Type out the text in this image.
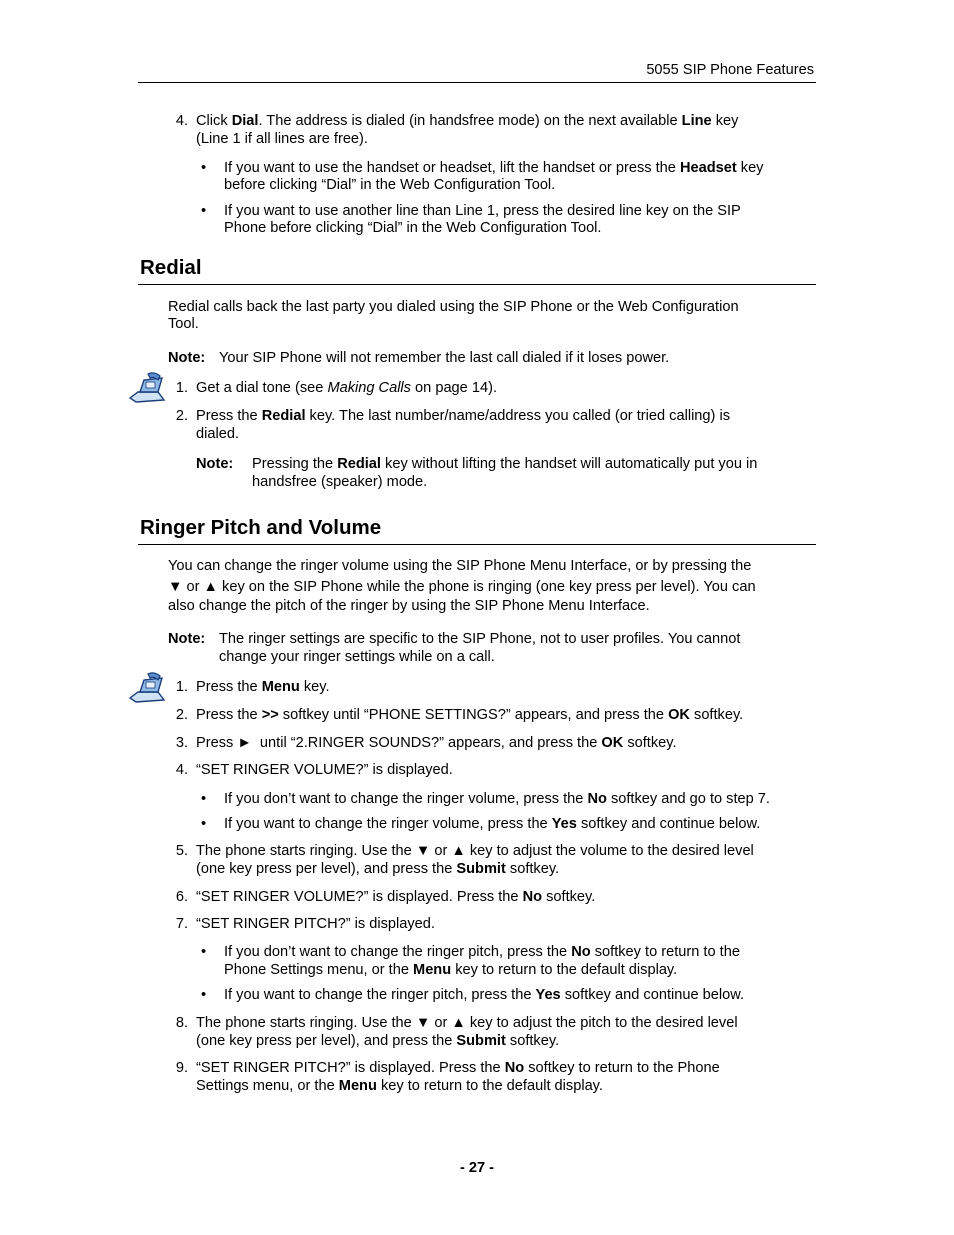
5055 SIP Phone Features
4. Click Dial. The address is dialed (in handsfree mode) on the next available Line key
(Line 1 if all lines are free).
• If you want to use the handset or headset, lift the handset or press the Headset key
before clicking “Dial” in the Web Configuration Tool.
• If you want to use another line than Line 1, press the desired line key on the SIP
Phone before clicking “Dial” in the Web Configuration Tool.
Redial
Redial calls back the last party you dialed using the SIP Phone or the Web Configuration
Tool.
Note: Your SIP Phone will not remember the last call dialed if it loses power.
1. Get a dial tone (see Making Calls on page 14).
2. Press the Redial key. The last number/name/address you called (or tried calling) is
dialed.
Note: Pressing the Redial key without lifting the handset will automatically put you in
handsfree (speaker) mode.
Ringer Pitch and Volume
You can change the ringer volume using the SIP Phone Menu Interface, or by pressing the
▼ or ▲ key on the SIP Phone while the phone is ringing (one key press per level). You can
also change the pitch of the ringer by using the SIP Phone Menu Interface.
Note: The ringer settings are specific to the SIP Phone, not to user profiles. You cannot
change your ringer settings while on a call.
1. Press the Menu key.
2. Press the >> softkey until “PHONE SETTINGS?” appears, and press the OK softkey.
3. Press ►  until “2.RINGER SOUNDS?” appears, and press the OK softkey.
4. “SET RINGER VOLUME?” is displayed.
• If you don’t want to change the ringer volume, press the No softkey and go to step 7.
• If you want to change the ringer volume, press the Yes softkey and continue below.
5. The phone starts ringing. Use the ▼ or ▲ key to adjust the volume to the desired level
(one key press per level), and press the Submit softkey.
6. “SET RINGER VOLUME?” is displayed. Press the No softkey.
7. “SET RINGER PITCH?” is displayed.
• If you don’t want to change the ringer pitch, press the No softkey to return to the
Phone Settings menu, or the Menu key to return to the default display.
• If you want to change the ringer pitch, press the Yes softkey and continue below.
8. The phone starts ringing. Use the ▼ or ▲ key to adjust the pitch to the desired level
(one key press per level), and press the Submit softkey.
9. “SET RINGER PITCH?” is displayed. Press the No softkey to return to the Phone
Settings menu, or the Menu key to return to the default display.
- 27 -
